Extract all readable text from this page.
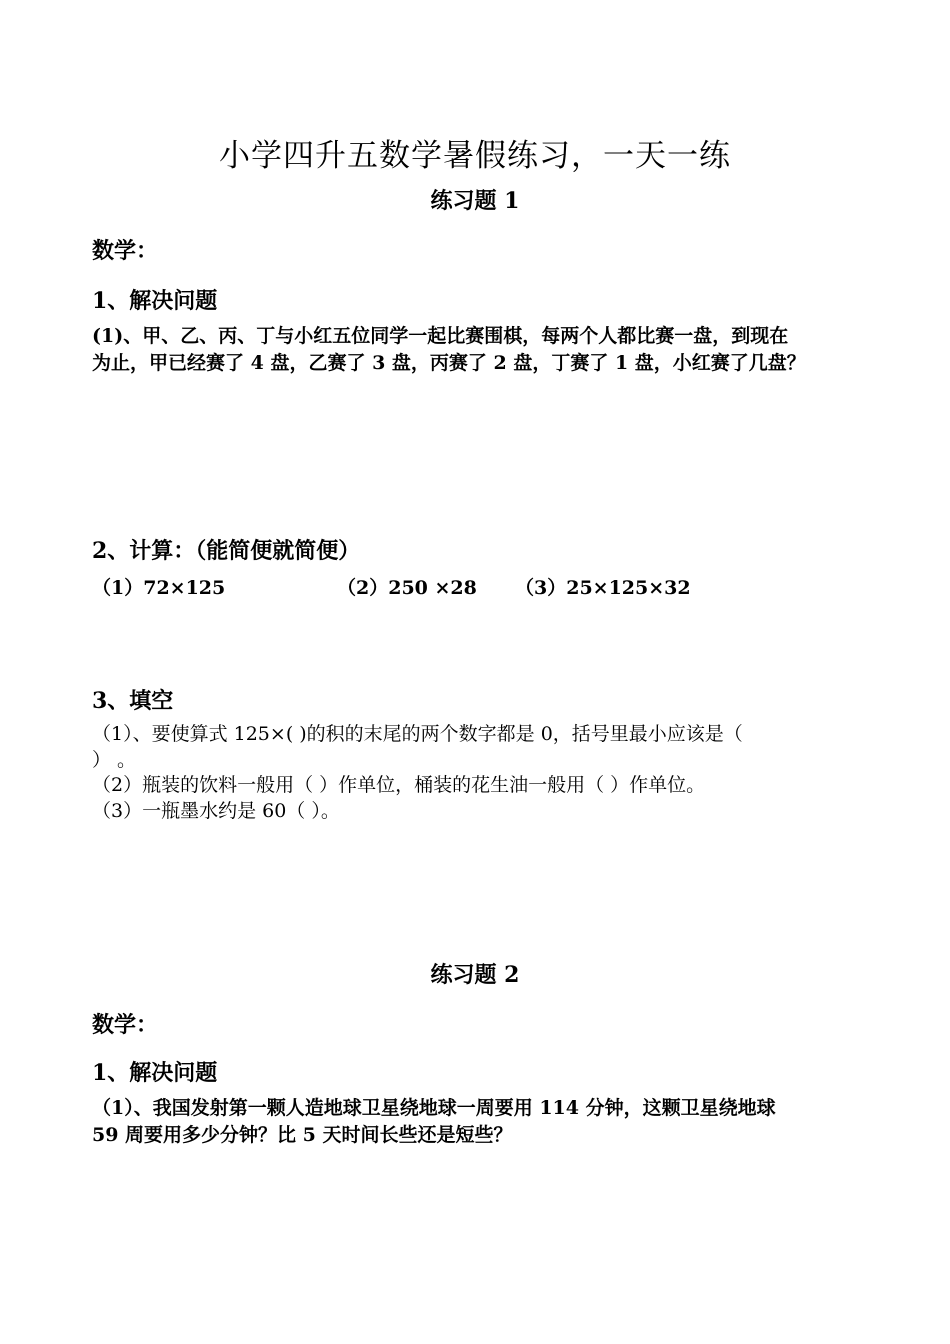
小学四升五数学暑假练习，一天一练
练习题 1
数学：
1、解决问题
(1)、甲、乙、丙、丁与小红五位同学一起比赛围棋，每两个人都比赛一盘，到现在
为止，甲已经赛了 4 盘，乙赛了 3 盘，丙赛了 2 盘，丁赛了 1 盘，小红赛了几盘？
2、计算：（能简便就简便）
（1）72×125	（2）250 ×28 （3）25×125×32
3、填空
（1）、要使算式 125×( )的积的末尾的两个数字都是 0，括号里最小应该是（
） 。
（2）瓶装的饮料一般用（ ）作单位，桶装的花生油一般用（ ）作单位。
（3）一瓶墨水约是 60（ ）。
练习题 2
数学：
1、解决问题
（1）、我国发射第一颗人造地球卫星绕地球一周要用 114 分钟，这颗卫星绕地球
59 周要用多少分钟？比 5 天时间长些还是短些？
